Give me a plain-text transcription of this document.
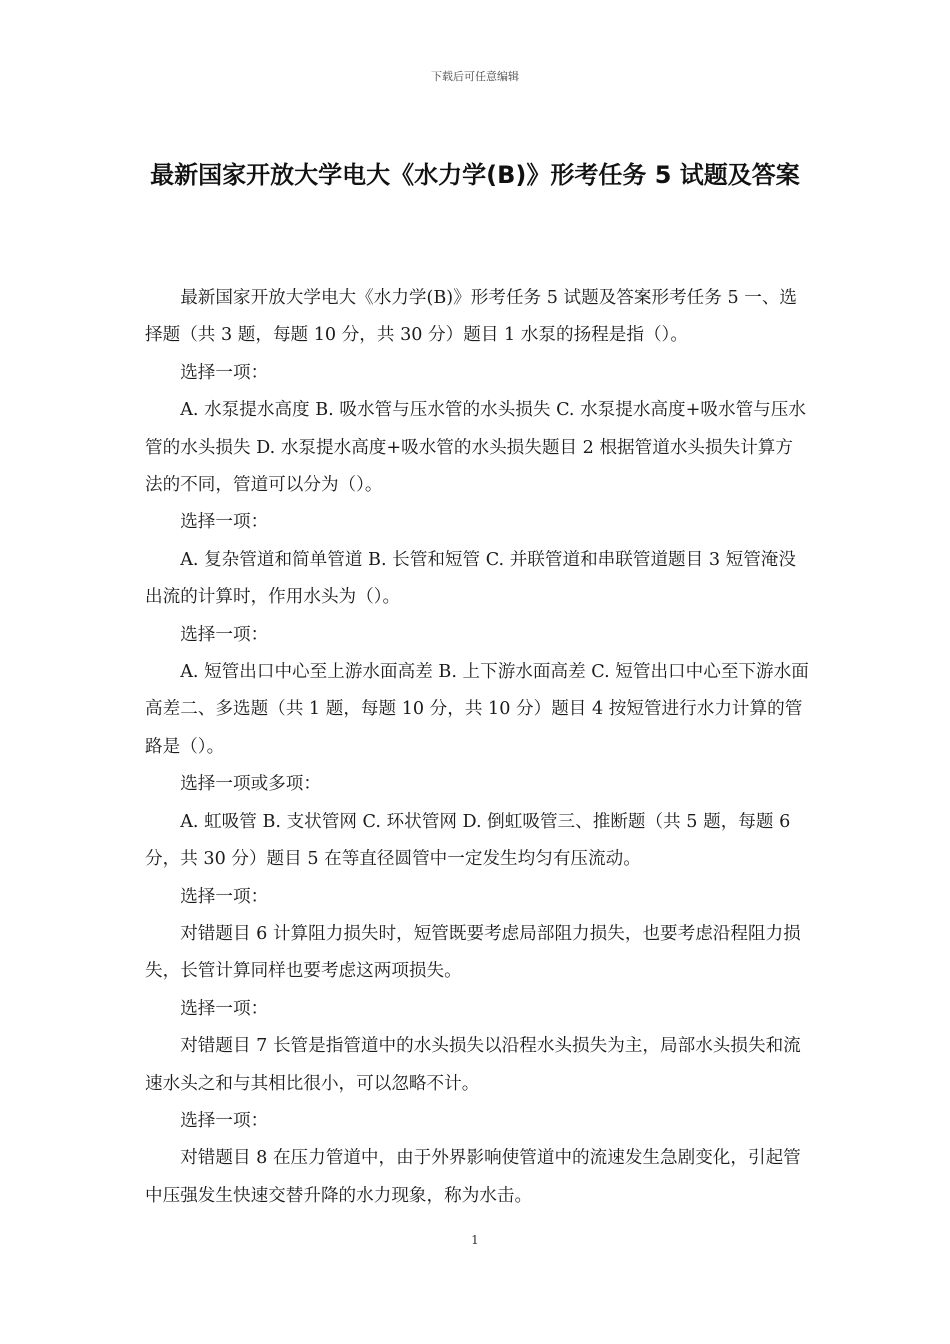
下载后可任意编辑
最新国家开放大学电大《水力学(B)》形考任务 5 试题及答案

最新国家开放大学电大《水力学(B)》形考任务 5 试题及答案形考任务 5 一、选择题（共 3 题，每题 10 分，共 30 分）题目 1 水泵的扬程是指（）。

选择一项：

A. 水泵提水高度 B. 吸水管与压水管的水头损失 C. 水泵提水高度+吸水管与压水管的水头损失 D. 水泵提水高度+吸水管的水头损失题目 2 根据管道水头损失计算方法的不同，管道可以分为（）。

选择一项：

A. 复杂管道和简单管道 B. 长管和短管 C. 并联管道和串联管道题目 3 短管淹没出流的计算时，作用水头为（）。

选择一项：

A. 短管出口中心至上游水面高差 B. 上下游水面高差 C. 短管出口中心至下游水面高差二、多选题（共 1 题，每题 10 分，共 10 分）题目 4 按短管进行水力计算的管路是（）。

选择一项或多项：

A. 虹吸管 B. 支状管网 C. 环状管网 D. 倒虹吸管三、推断题（共 5 题，每题 6 分，共 30 分）题目 5 在等直径圆管中一定发生均匀有压流动。

选择一项：

对错题目 6 计算阻力损失时，短管既要考虑局部阻力损失，也要考虑沿程阻力损失，长管计算同样也要考虑这两项损失。

选择一项：

对错题目 7 长管是指管道中的水头损失以沿程水头损失为主，局部水头损失和流速水头之和与其相比很小，可以忽略不计。

选择一项：

对错题目 8 在压力管道中，由于外界影响使管道中的流速发生急剧变化，引起管中压强发生快速交替升降的水力现象，称为水击。

1
